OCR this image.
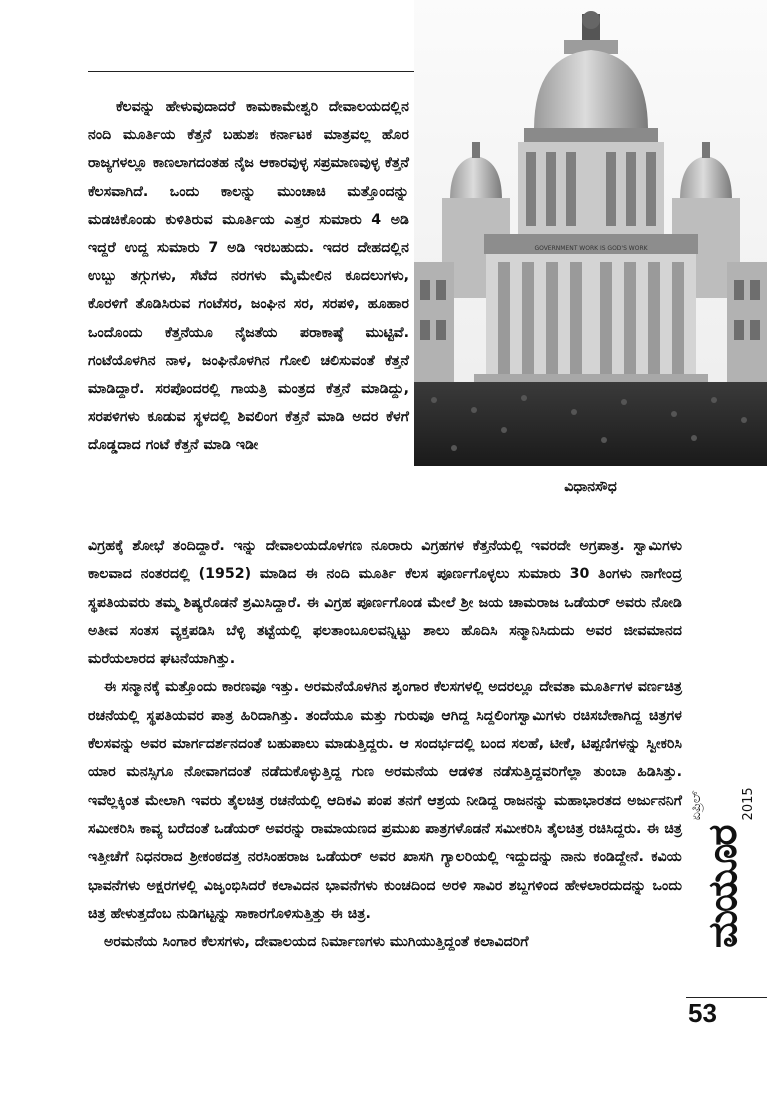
GOVERNMENT WORK IS GOD'S WORK
ವಿಧಾನಸೌಧ

ಕೆಲವನ್ನು ಹೇಳುವುದಾದರೆ ಕಾಮಕಾಮೇಶ್ವರಿ ದೇವಾಲಯದಲ್ಲಿನ ನಂದಿ ಮೂರ್ತಿಯ ಕೆತ್ತನೆ ಬಹುಶಃ ಕರ್ನಾಟಕ ಮಾತ್ರವಲ್ಲ ಹೊರ ರಾಜ್ಯಗಳಲ್ಲೂ ಕಾಣಲಾಗದಂತಹ ನೈಜ ಆಕಾರವುಳ್ಳ ಸಪ್ರಮಾಣವುಳ್ಳ ಕೆತ್ತನೆ ಕೆಲಸವಾಗಿದೆ. ಒಂದು ಕಾಲನ್ನು ಮುಂಚಾಚಿ ಮತ್ತೊಂದನ್ನು ಮಡಚಿಕೊಂಡು ಕುಳಿತಿರುವ ಮೂರ್ತಿಯ ಎತ್ತರ ಸುಮಾರು 4 ಅಡಿ ಇದ್ದರೆ ಉದ್ದ ಸುಮಾರು 7 ಅಡಿ ಇರಬಹುದು. ಇದರ ದೇಹದಲ್ಲಿನ ಉಬ್ಬು ತಗ್ಗುಗಳು, ಸೆಟೆದ ನರಗಳು ಮೈಮೇಲಿನ ಕೂದಲುಗಳು, ಕೊರಳಿಗೆ ತೊಡಿಸಿರುವ ಗಂಟೆಸರ, ಜಂಘಿನ ಸರ, ಸರಪಳಿ, ಹೂಹಾರ ಒಂದೊಂದು ಕೆತ್ತನೆಯೂ ನೈಜತೆಯ ಪರಾಕಾಷ್ಠೆ ಮುಟ್ಟಿವೆ. ಗಂಟೆಯೊಳಗಿನ ನಾಳ, ಜಂಘಿನೊಳಗಿನ ಗೋಲಿ ಚಲಿಸುವಂತೆ ಕೆತ್ತನೆ ಮಾಡಿದ್ದಾರೆ. ಸರಪೊಂದರಲ್ಲಿ ಗಾಯತ್ರಿ ಮಂತ್ರದ ಕೆತ್ತನೆ ಮಾಡಿದ್ದು, ಸರಪಳಿಗಳು ಕೂಡುವ ಸ್ಥಳದಲ್ಲಿ ಶಿವಲಿಂಗ ಕೆತ್ತನೆ ಮಾಡಿ ಅದರ ಕೆಳಗೆ ದೊಡ್ಡದಾದ ಗಂಟೆ ಕೆತ್ತನೆ ಮಾಡಿ ಇಡೀ

ವಿಗ್ರಹಕ್ಕೆ ಶೋಭೆ ತಂದಿದ್ದಾರೆ. ಇನ್ನು ದೇವಾಲಯದೊಳಗಣ ನೂರಾರು ವಿಗ್ರಹಗಳ ಕೆತ್ತನೆಯಲ್ಲಿ ಇವರದೇ ಅಗ್ರಪಾತ್ರ. ಸ್ವಾಮಿಗಳು ಕಾಲವಾದ ನಂತರದಲ್ಲಿ (1952) ಮಾಡಿದ ಈ ನಂದಿ ಮೂರ್ತಿ ಕೆಲಸ ಪೂರ್ಣಗೊಳ್ಳಲು ಸುಮಾರು 30 ತಿಂಗಳು ನಾಗೇಂದ್ರ ಸ್ಥಪತಿಯವರು ತಮ್ಮ ಶಿಷ್ಯರೊಡನೆ ಶ್ರಮಿಸಿದ್ದಾರೆ. ಈ ವಿಗ್ರಹ ಪೂರ್ಣಗೊಂಡ ಮೇಲೆ ಶ್ರೀ ಜಯ ಚಾಮರಾಜ ಒಡೆಯರ್ ಅವರು ನೋಡಿ ಅತೀವ ಸಂತಸ ವ್ಯಕ್ತಪಡಿಸಿ ಬೆಳ್ಳಿ ತಟ್ಟೆಯಲ್ಲಿ ಫಲತಾಂಬೂಲವನ್ನಿಟ್ಟು ಶಾಲು ಹೊದಿಸಿ ಸನ್ಮಾನಿಸಿದುದು ಅವರ ಜೀವಮಾನದ ಮರೆಯಲಾರದ ಘಟನೆಯಾಗಿತ್ತು.

ಈ ಸನ್ಮಾನಕ್ಕೆ ಮತ್ತೊಂದು ಕಾರಣವೂ ಇತ್ತು. ಅರಮನೆಯೊಳಗಿನ ಶೃಂಗಾರ ಕೆಲಸಗಳಲ್ಲಿ ಅದರಲ್ಲೂ ದೇವತಾ ಮೂರ್ತಿಗಳ ವರ್ಣಚಿತ್ರ ರಚನೆಯಲ್ಲಿ ಸ್ಥಪತಿಯವರ ಪಾತ್ರ ಹಿರಿದಾಗಿತ್ತು. ತಂದೆಯೂ ಮತ್ತು ಗುರುವೂ ಆಗಿದ್ದ ಸಿದ್ದಲಿಂಗಸ್ವಾಮಿಗಳು ರಚಿಸಬೇಕಾಗಿದ್ದ ಚಿತ್ರಗಳ ಕೆಲಸವನ್ನು ಅವರ ಮಾರ್ಗದರ್ಶನದಂತೆ ಬಹುಪಾಲು ಮಾಡುತ್ತಿದ್ದರು. ಆ ಸಂದರ್ಭದಲ್ಲಿ ಬಂದ ಸಲಹೆ, ಟೀಕೆ, ಟಿಪ್ಪಣಿಗಳನ್ನು ಸ್ವೀಕರಿಸಿ ಯಾರ ಮನಸ್ಸಿಗೂ ನೋವಾಗದಂತೆ ನಡೆದುಕೊಳ್ಳುತ್ತಿದ್ದ ಗುಣ ಅರಮನೆಯ ಆಡಳಿತ ನಡೆಸುತ್ತಿದ್ದವರಿಗೆಲ್ಲಾ ತುಂಬಾ ಹಿಡಿಸಿತ್ತು. ಇವೆಲ್ಲಕ್ಕಿಂತ ಮೇಲಾಗಿ ಇವರು ತೈಲಚಿತ್ರ ರಚನೆಯಲ್ಲಿ ಆದಿಕವಿ ಪಂಪ ತನಗೆ ಆಶ್ರಯ ನೀಡಿದ್ದ ರಾಜನನ್ನು ಮಹಾಭಾರತದ ಅರ್ಜುನನಿಗೆ ಸಮೀಕರಿಸಿ ಕಾವ್ಯ ಬರೆದಂತೆ ಒಡೆಯರ್ ಅವರನ್ನು ರಾಮಾಯಣದ ಪ್ರಮುಖ ಪಾತ್ರಗಳೊಡನೆ ಸಮೀಕರಿಸಿ ತೈಲಚಿತ್ರ ರಚಿಸಿದ್ದರು. ಈ ಚಿತ್ರ ಇತ್ತೀಚೆಗೆ ನಿಧನರಾದ ಶ್ರೀಕಂಠದತ್ತ ನರಸಿಂಹರಾಜ ಒಡೆಯರ್ ಅವರ ಖಾಸಗಿ ಗ್ಯಾಲರಿಯಲ್ಲಿ ಇದ್ದುದನ್ನು ನಾನು ಕಂಡಿದ್ದೇನೆ. ಕವಿಯ ಭಾವನೆಗಳು ಅಕ್ಷರಗಳಲ್ಲಿ ವಿಜೃಂಭಿಸಿದರೆ ಕಲಾವಿದನ ಭಾವನೆಗಳು ಕುಂಚದಿಂದ ಅರಳಿ ಸಾವಿರ ಶಬ್ದಗಳಿಂದ ಹೇಳಲಾರದುದನ್ನು ಒಂದು ಚಿತ್ರ ಹೇಳುತ್ತದೆಂಬ ನುಡಿಗಟ್ಟನ್ನು ಸಾಕಾರಗೊಳಿಸುತ್ತಿತ್ತು ಈ ಚಿತ್ರ.

ಅರಮನೆಯ ಸಿಂಗಾರ ಕೆಲಸಗಳು, ದೇವಾಲಯದ ನಿರ್ಮಾಣಗಳು ಮುಗಿಯುತ್ತಿದ್ದಂತೆ ಕಲಾವಿದರಿಗೆ	ಮಯೂರ
ಏಪ್ರಿಲ್ 2015
53
